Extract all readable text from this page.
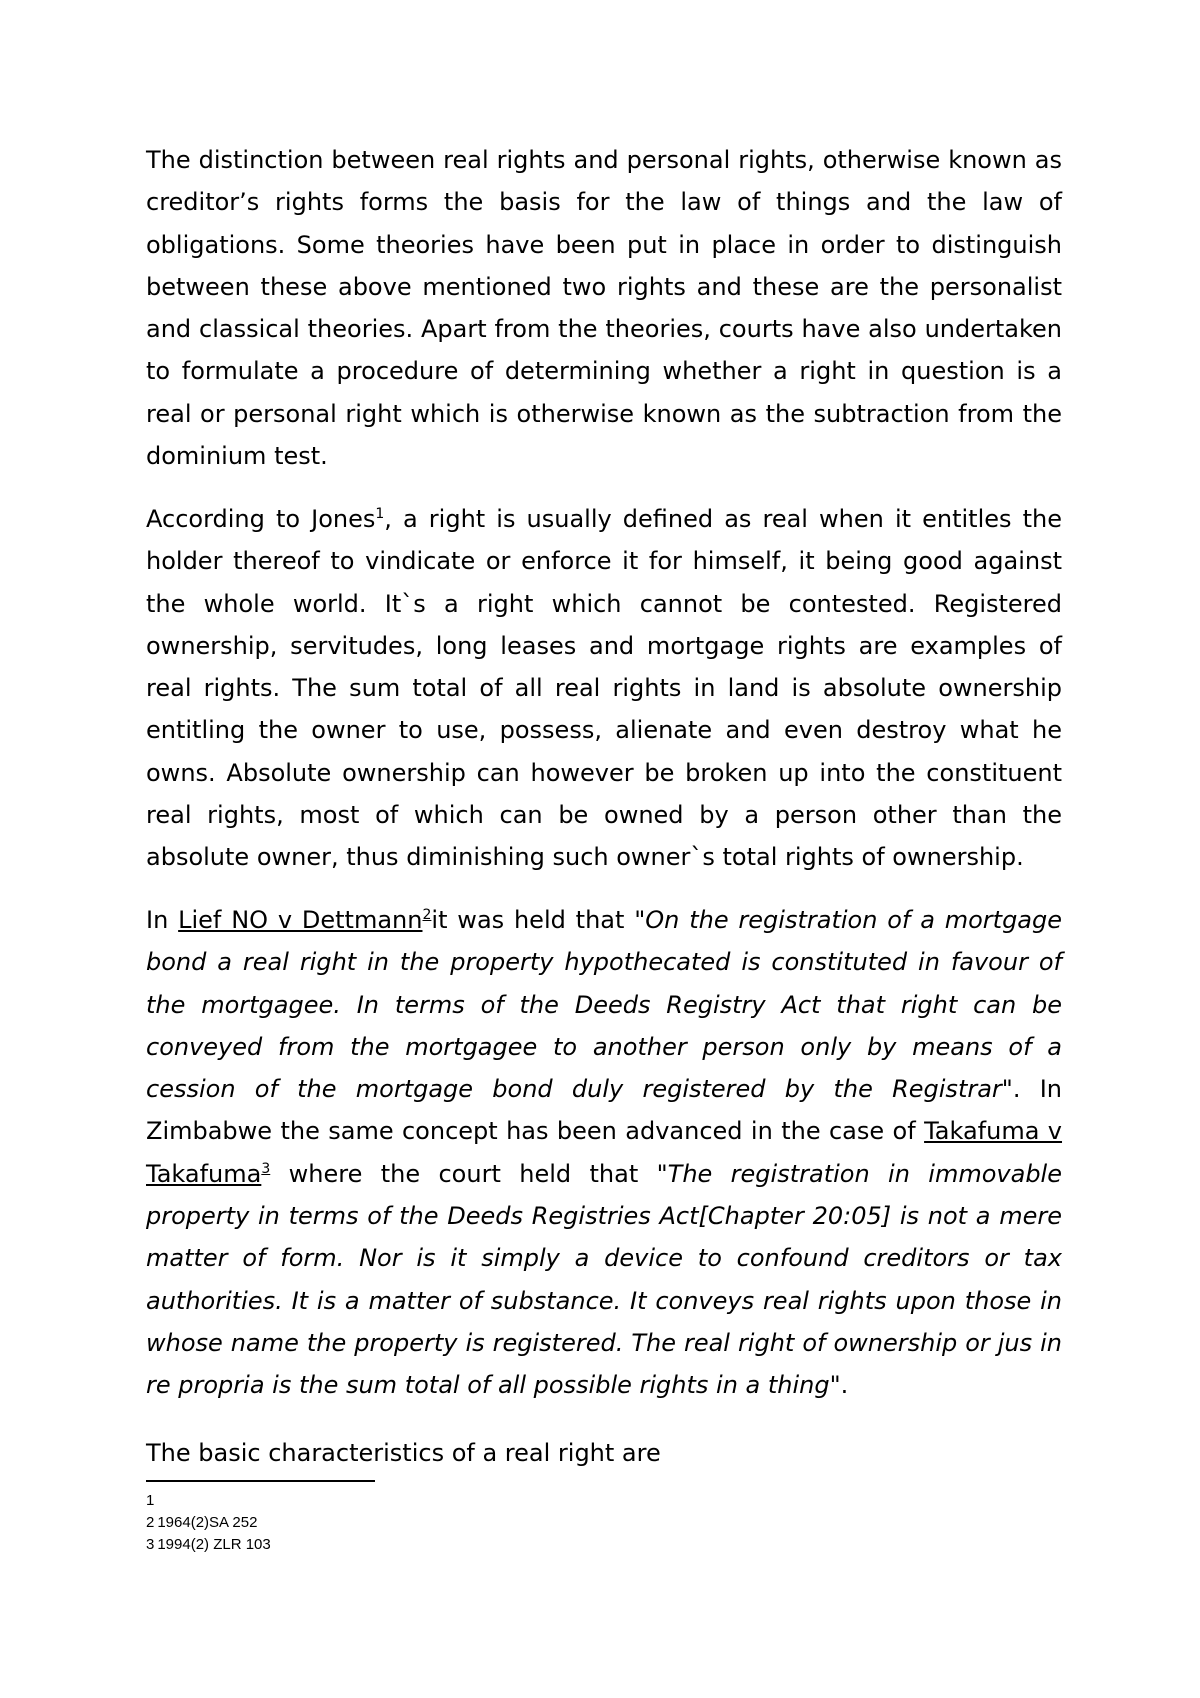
The distinction between real rights and personal rights, otherwise known as creditor’s rights forms the basis for the law of things and the law of obligations. Some theories have been put in place in order to distinguish between these above mentioned two rights and these are the personalist and classical theories. Apart from the theories, courts have also undertaken to formulate a procedure of determining whether a right in question is a real or personal right which is otherwise known as the subtraction from the dominium test.

According to Jones$^1$, a right is usually defined as real when it entitles the holder thereof to vindicate or enforce it for himself, it being good against the whole world. It`s a right which cannot be contested. Registered ownership, servitudes, long leases and mortgage rights are examples of real rights. The sum total of all real rights in land is absolute ownership entitling the owner to use, possess, alienate and even destroy what he owns. Absolute ownership can however be broken up into the constituent real rights, most of which can be owned by a person other than the absolute owner, thus diminishing such owner`s total rights of ownership.

In Lief NO v Dettmann$^2$it was held that "On the registration of a mortgage bond a real right in the property hypothecated is constituted in favour of the mortgagee. In terms of the Deeds Registry Act that right can be conveyed from the mortgagee to another person only by means of a cession of the mortgage bond duly registered by the Registrar". In Zimbabwe the same concept has been advanced in the case of Takafuma v Takafuma$^3$ where the court held that "The registration in immovable property in terms of the Deeds Registries Act[Chapter 20:05] is not a mere matter of form. Nor is it simply a device to confound creditors or tax authorities. It is a matter of substance. It conveys real rights upon those in whose name the property is registered. The real right of ownership or jus in re propria is the sum total of all possible rights in a thing".

The basic characteristics of a real right are

1
2 1964(2)SA 252
3 1994(2) ZLR 103
